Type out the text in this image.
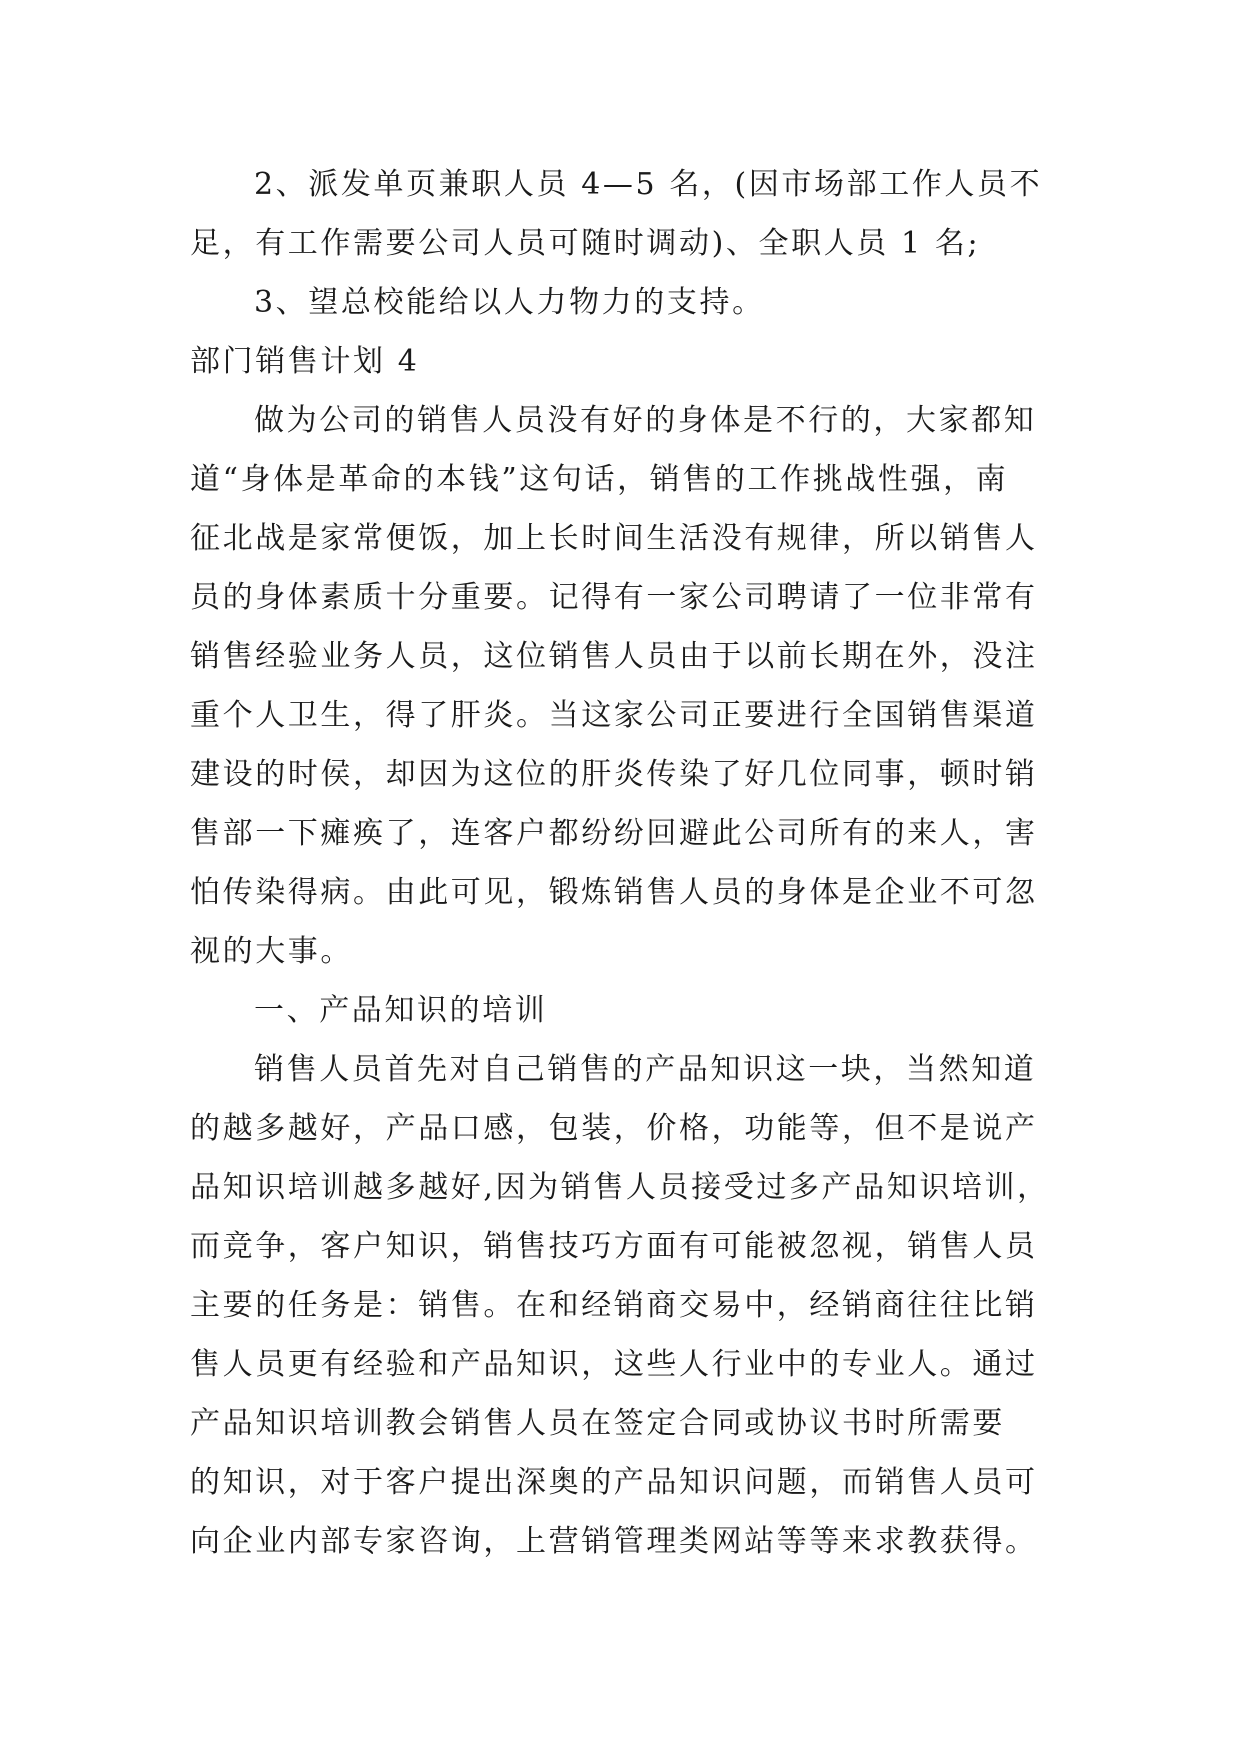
2、派发单页兼职人员 4—5 名，(因市场部工作人员不
足，有工作需要公司人员可随时调动)、全职人员 1 名;
3、望总校能给以人力物力的支持。
部门销售计划 4
做为公司的销售人员没有好的身体是不行的，大家都知
道“身体是革命的本钱”这句话，销售的工作挑战性强，南
征北战是家常便饭，加上长时间生活没有规律，所以销售人
员的身体素质十分重要。记得有一家公司聘请了一位非常有
销售经验业务人员，这位销售人员由于以前长期在外，没注
重个人卫生，得了肝炎。当这家公司正要进行全国销售渠道
建设的时侯，却因为这位的肝炎传染了好几位同事，顿时销
售部一下瘫痪了，连客户都纷纷回避此公司所有的来人，害
怕传染得病。由此可见，锻炼销售人员的身体是企业不可忽
视的大事。
一、产品知识的培训
销售人员首先对自己销售的产品知识这一块，当然知道
的越多越好，产品口感，包装，价格，功能等，但不是说产
品知识培训越多越好,因为销售人员接受过多产品知识培训，
而竞争，客户知识，销售技巧方面有可能被忽视，销售人员
主要的任务是：销售。在和经销商交易中，经销商往往比销
售人员更有经验和产品知识，这些人行业中的专业人。通过
产品知识培训教会销售人员在签定合同或协议书时所需要
的知识，对于客户提出深奥的产品知识问题，而销售人员可
向企业内部专家咨询，上营销管理类网站等等来求教获得。
